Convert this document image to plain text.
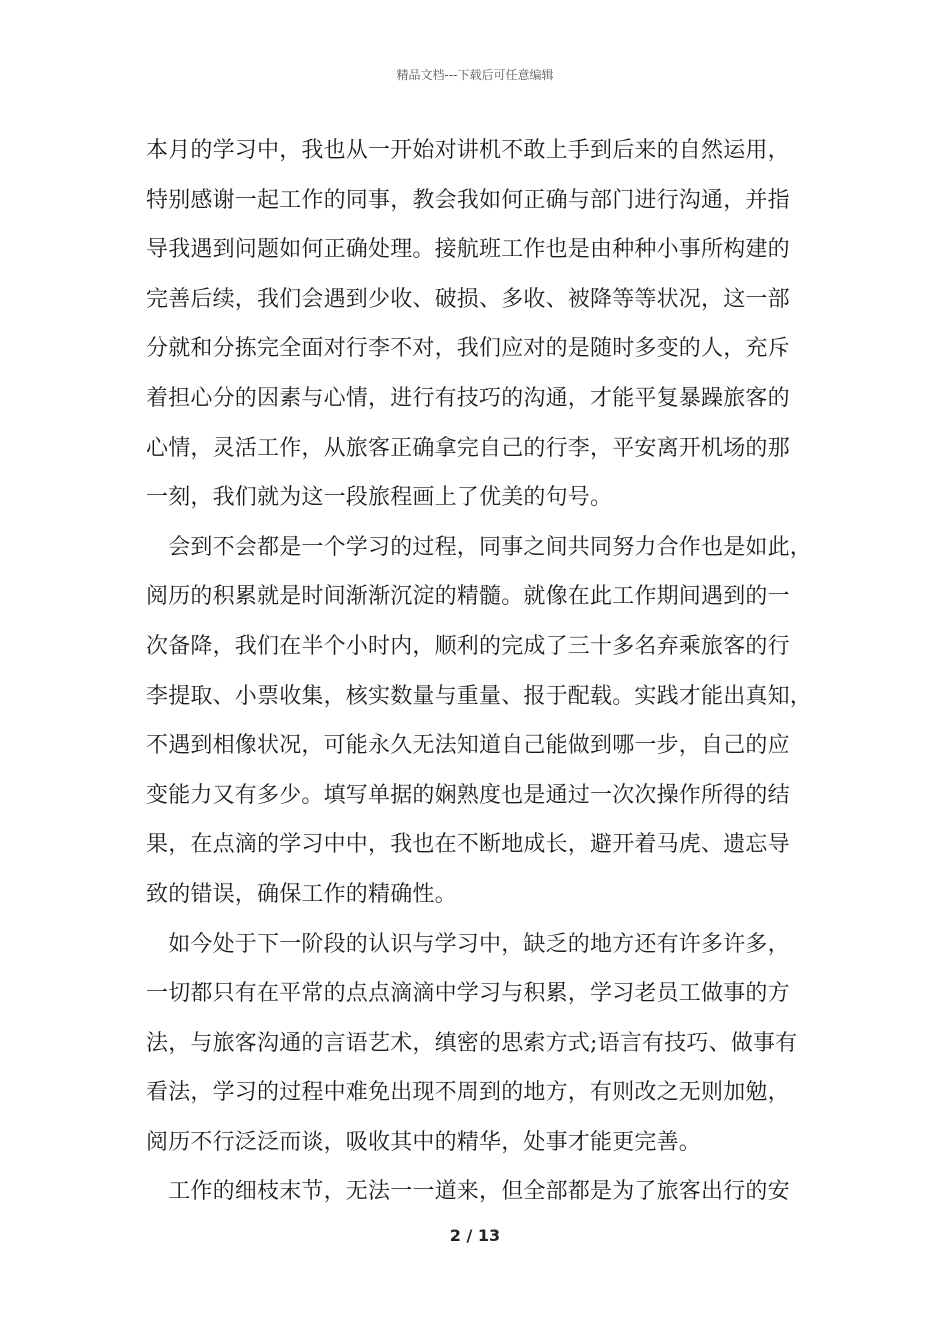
精品文档---下载后可任意编辑
本月的学习中，我也从一开始对讲机不敢上手到后来的自然运用，
特别感谢一起工作的同事，教会我如何正确与部门进行沟通，并指
导我遇到问题如何正确处理。接航班工作也是由种种小事所构建的
完善后续，我们会遇到少收、破损、多收、被降等等状况，这一部
分就和分拣完全面对行李不对，我们应对的是随时多变的人，充斥
着担心分的因素与心情，进行有技巧的沟通，才能平复暴躁旅客的
心情，灵活工作，从旅客正确拿完自己的行李，平安离开机场的那
一刻，我们就为这一段旅程画上了优美的句号。
　会到不会都是一个学习的过程，同事之间共同努力合作也是如此，
阅历的积累就是时间渐渐沉淀的精髓。就像在此工作期间遇到的一
次备降，我们在半个小时内，顺利的完成了三十多名弃乘旅客的行
李提取、小票收集，核实数量与重量、报于配载。实践才能出真知，
不遇到相像状况，可能永久无法知道自己能做到哪一步，自己的应
变能力又有多少。填写单据的娴熟度也是通过一次次操作所得的结
果，在点滴的学习中中，我也在不断地成长，避开着马虎、遗忘导
致的错误，确保工作的精确性。
　如今处于下一阶段的认识与学习中，缺乏的地方还有许多许多，
一切都只有在平常的点点滴滴中学习与积累，学习老员工做事的方
法，与旅客沟通的言语艺术，缜密的思索方式;语言有技巧、做事有
看法，学习的过程中难免出现不周到的地方，有则改之无则加勉，
阅历不行泛泛而谈，吸收其中的精华，处事才能更完善。
　工作的细枝末节，无法一一道来，但全部都是为了旅客出行的安
2 / 13
